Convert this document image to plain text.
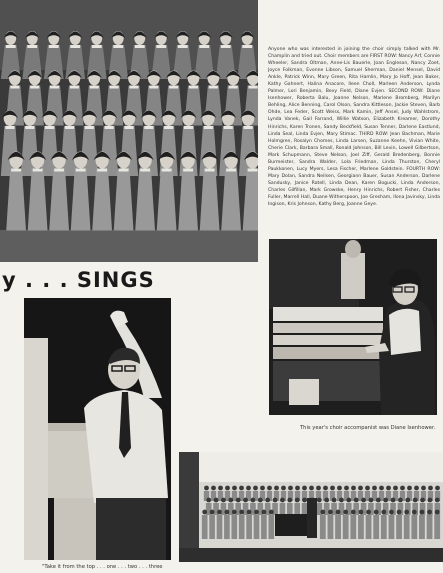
Anyone who was interested in joining the choir simply talked with Mr. Champlin and tried out. Choir members are FIRST ROW: Nancy Arf, Connie Wheeler, Sandra Oltman, Anne-Lis Bauerle, Joan Engleson, Nancy Zoet, Joyce Folkman, Evonne Libson, Samuel Sherman, Daniel Mensel, David Ankle, Patrick Winn, Mary Green, Rita Hamlin, Mary Jo Hoff, Jean Baker, Kathy Gahnert, Halina Anacore, Ileen Choll, Marleen Anderson, Lynda Palmer, Lori Benjamin, Bevy Field, Diane Evjen. SECOND ROW: Diane Isenhower, Roberta Balu, Joanne Nelson, Marlene Bromberg, Marilyn Behling, Alice Benning, Carol Olson, Sandra Kittleson, Jackie Steven, Barb Ohde, Lea Feder, Scott Weiss, Mark Kamin, Jeff Ansel, Judy Wahlstrom, Lynda Vanek, Gail Farrand, Willie Watson, Elizabeth Kreamer, Dorothy Hinrichs, Karen Tronen, Sandy Beckfield, Susan Tenner, Darlene Eastlund, Linda Seal, Linda Evjen, Mary Stimac. THIRD ROW: Jean Bachman, Marie Holmgren, Rosalyn Chomes, Linda Larsen, Suzanne Keehn, Vivian White, Cherie Clark, Barbara Small, Ronald Johnson, Bill Levin, Lowell Gilbertson, Mark Schupmann, Steve Nelson, Joel Ziff, Gerald Bredenberg, Bonnie Burmeister, Sandra Walder, Lola Friedman, Linda Thurston, Cheryl Paukkonen, Lucy Myers, Lesa Fischer, Marlene Goldstein. FOURTH ROW: Mary Dolan, Sandra Neilsen, Georgiann Bauer, Susan Anderson, Darlene Sandusky, Janice Ratell, Linda Dean, Karen Bogucki, Linda Anderson, Charles Gilfillan, Mark Growske, Henry Hinrichs, Robert Fisher, Charles Fuller, Marrell Hall, Duane Witherspoon, Joe Gresham, Ilona Javinsky, Linda Ingison, Kris Johnson, Kathy Berg, Joanne Geye.

y . . . SINGS
This year's choir accompanist was Diane Isenhower.
"Take it from the top . . . one . . . two . . . three
